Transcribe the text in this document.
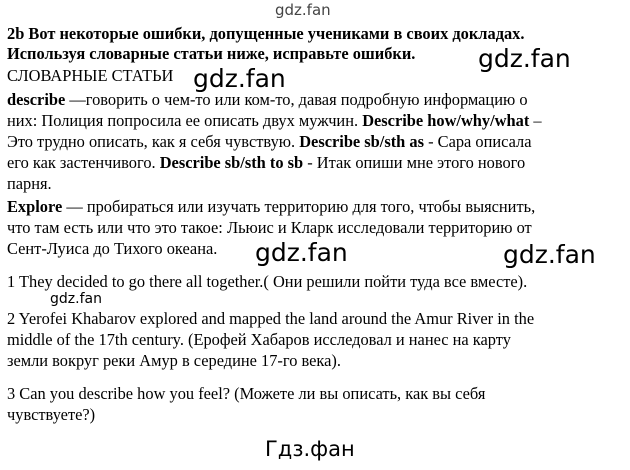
2b Вот некоторые ошибки, допущенные учениками в своих докладах.
Используя словарные статьи ниже, исправьте ошибки.
СЛОВАРНЫЕ СТАТЬИ
describe —говорить о чем-то или ком-то, давая подробную информацию о
них: Полиция попросила ее описать двух мужчин. Describe how/why/what –
Это трудно описать, как я себя чувствую. Describe sb/sth as - Сара описала
его как застенчивого. Describe sb/sth to sb - Итак опиши мне этого нового
парня.
Explore — пробираться или изучать территорию для того, чтобы выяснить,
что там есть или что это такое: Льюис и Кларк исследовали территорию от
Сент-Луиса до Тихого океана.
1 They decided to go there all together.( Они решили пойти туда все вместе).
2 Yerofei Khabarov explored and mapped the land around the Amur River in the
middle of the 17th century. (Ерофей Хабаров исследовал и нанес на карту
земли вокруг реки Амур в середине 17-го века).
3 Can you describe how you feel? (Можете ли вы описать, как вы себя
чувствуете?)
gdz.fan
gdz.fan
gdz.fan
gdz.fan	gdz.fan
gdz.fan
Гдз.фан
